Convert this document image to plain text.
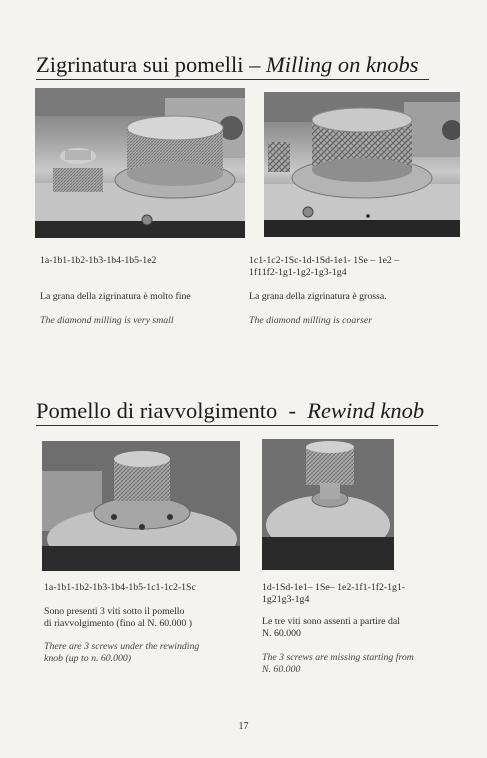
Zigrinatura sui pomelli – Milling on knobs
1a-1b1-1b2-1b3-1b4-1b5-1e2
La grana della zigrinatura è molto fine
The diamond milling is very small
1c1-1c2-1Sc-1d-1Sd-1e1- 1Se – 1e2 –
1f11f2-1g1-1g2-1g3-1g4
La grana della zigrinatura è grossa.
The diamond milling is coarser
Pomello di riavvolgimento  -  Rewind knob
1a-1b1-1b2-1b3-1b4-1b5-1c1-1c2-1Sc
Sono presenti 3 viti sotto il pomello
di riavvolgimento (fino al N. 60.000 )
There are 3 screws under the rewinding
knob (up to n. 60.000)
1d-1Sd-1e1– 1Se– 1e2-1f1-1f2-1g1-
1g21g3-1g4
Le tre viti sono assenti a partire dal
N. 60.000
The 3 screws are missing starting from
N. 60.000
17
